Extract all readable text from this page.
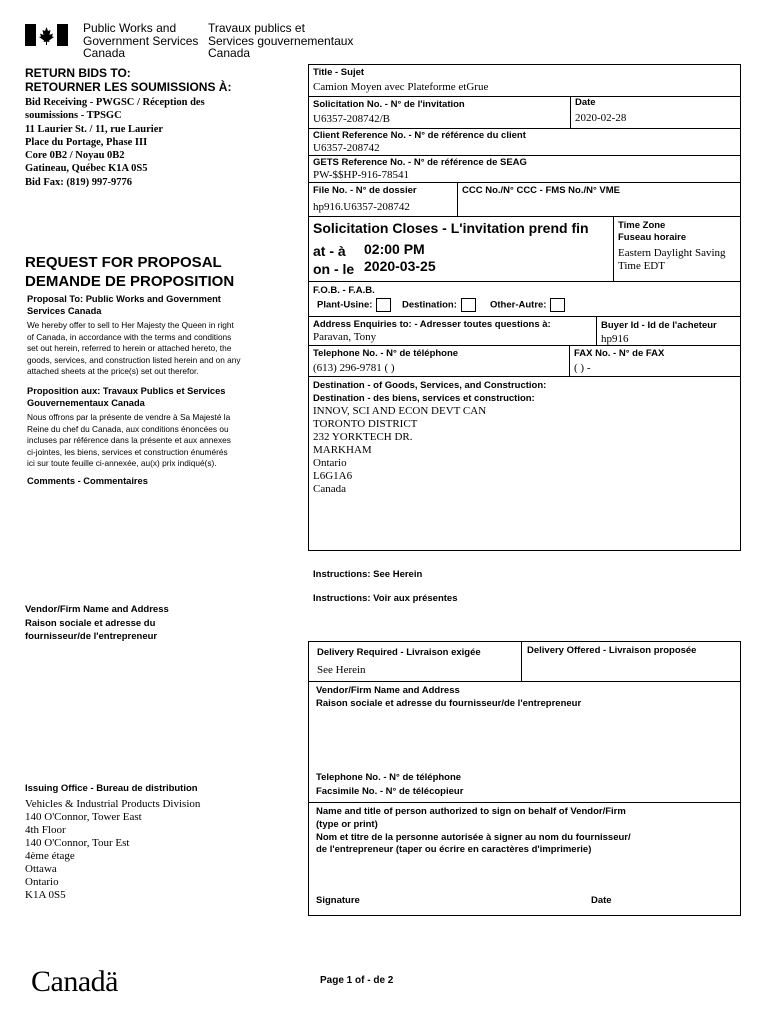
Public Works and
Government Services
Canada
Travaux publics et
Services gouvernementaux
Canada
RETURN BIDS TO:
RETOURNER LES SOUMISSIONS À:
Bid Receiving - PWGSC / Réception des
soumissions - TPSGC
11 Laurier St. / 11, rue Laurier
Place du Portage, Phase III
Core 0B2 / Noyau 0B2
Gatineau, Québec K1A 0S5
Bid Fax: (819) 997-9776
REQUEST FOR PROPOSAL
DEMANDE DE PROPOSITION
Proposal To: Public Works and Government
Services Canada
We hereby offer to sell to Her Majesty the Queen in right
of Canada, in accordance with the terms and conditions
set out herein, referred to herein or attached hereto, the
goods, services, and construction listed herein and on any
attached sheets at the price(s) set out therefor.
Proposition aux: Travaux Publics et Services
Gouvernementaux Canada
Nous offrons par la présente de vendre à Sa Majesté la
Reine du chef du Canada, aux conditions énoncées ou
incluses par référence dans la présente et aux annexes
ci-jointes, les biens, services et construction énumérés
ici sur toute feuille ci-annexée, au(x) prix indiqué(s).
Comments - Commentaires
Vendor/Firm Name and Address
Raison sociale et adresse du
fournisseur/de l'entrepreneur
Issuing Office - Bureau de distribution
Vehicles & Industrial Products Division
140 O'Connor, Tower East
4th Floor
140 O'Connor, Tour Est
4ème étage
Ottawa
Ontario
K1A 0S5
Title - Sujet
Camion Moyen avec Plateforme etGrue
Solicitation No. - N° de l'invitation
U6357-208742/B
Date
2020-02-28
Client Reference No. - N° de référence du client
U6357-208742
GETS Reference No. - N° de référence de SEAG
PW-$$HP-916-78541
File No. - N° de dossier
hp916.U6357-208742
CCC No./N° CCC - FMS No./N° VME
Solicitation Closes - L'invitation prend fin
at - à 02:00 PM
on - le 2020-03-25
Time Zone
Fuseau horaire
Eastern Daylight Saving
Time EDT
F.O.B. - F.A.B.
Plant-Usine:	Destination:	Other-Autre:
Address Enquiries to: - Adresser toutes questions à:
Paravan, Tony
Buyer Id - Id de l'acheteur
hp916
Telephone No. - N° de téléphone
(613) 296-9781 ( )
FAX No. - N° de FAX
( ) -
Destination - of Goods, Services, and Construction:
Destination - des biens, services et construction:
INNOV, SCI AND ECON DEVT CAN
TORONTO DISTRICT
232 YORKTECH DR.
MARKHAM
Ontario
L6G1A6
Canada
Instructions: See Herein
Instructions: Voir aux présentes
Delivery Required - Livraison exigée
See Herein
Delivery Offered - Livraison proposée
Vendor/Firm Name and Address
Raison sociale et adresse du fournisseur/de l'entrepreneur
Telephone No. - N° de téléphone
Facsimile No. - N° de télécopieur
Name and title of person authorized to sign on behalf of Vendor/Firm
(type or print)
Nom et titre de la personne autorisée à signer au nom du fournisseur/
de l'entrepreneur (taper ou écrire en caractères d'imprimerie)
Signature	Date
Canadä	Page 1 of - de 2
